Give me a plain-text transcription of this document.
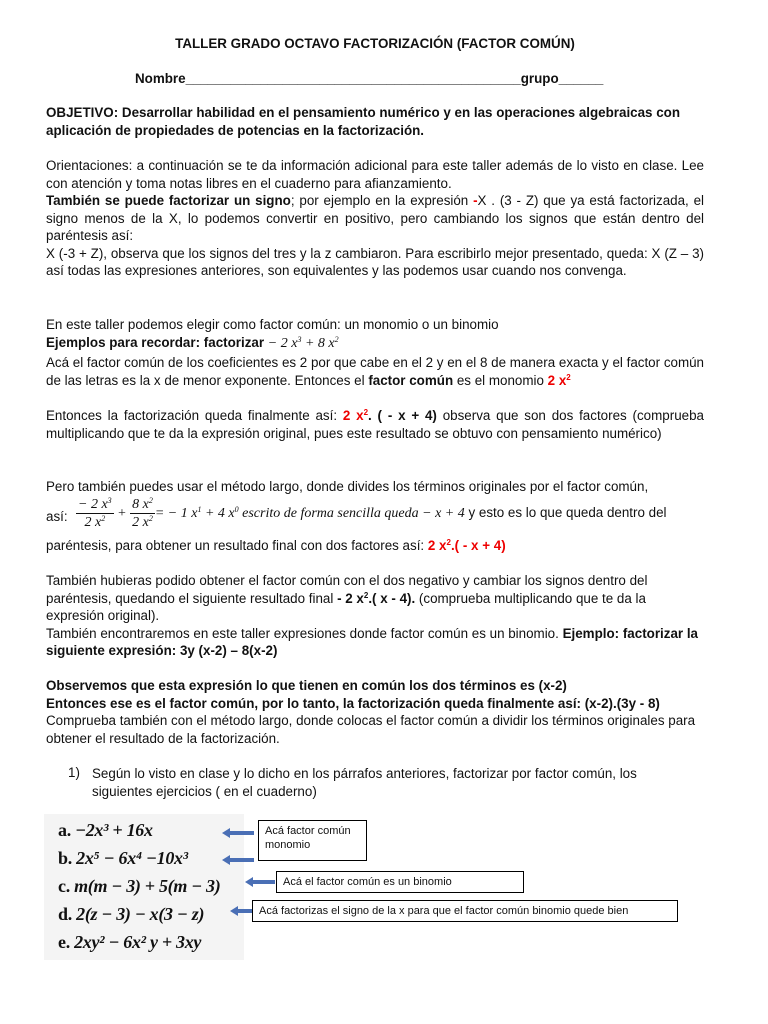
TALLER GRADO OCTAVO FACTORIZACIÓN (FACTOR COMÚN)
Nombre_____________________________________________grupo______
OBJETIVO: Desarrollar habilidad en el pensamiento numérico y en las operaciones algebraicas con aplicación de propiedades de potencias en la factorización.
Orientaciones: a continuación se te da información adicional para este taller además de lo visto en clase. Lee con atención y toma notas libres en el cuaderno para afianzamiento.
También se puede factorizar un signo; por ejemplo en la expresión -X . (3 - Z) que ya está factorizada, el signo menos de la X, lo podemos convertir en positivo, pero cambiando los signos que están dentro del paréntesis así:
X (-3 + Z), observa que los signos del tres y la z cambiaron. Para escribirlo mejor presentado, queda: X (Z – 3) así todas las expresiones anteriores, son equivalentes y las podemos usar cuando nos convenga.
En este taller podemos elegir como factor común: un monomio o un binomio
Ejemplos para recordar: factorizar − 2 $x^3 + 8$ $x^2$
Acá el factor común de los coeficientes es 2 por que cabe en el 2 y en el 8 de manera exacta y el factor común de las letras es la x de menor exponente. Entonces el factor común es el monomio 2 $x^2$
Entonces la factorización queda finalmente así: 2 $x^2$. ( - x + 4) observa que son dos factores (comprueba multiplicando que te da la expresión original, pues este resultado se obtuvo con pensamiento numérico)
Pero también puedes usar el método largo, donde divides los términos originales por el factor común,
así: $\frac{- 2 x^3}{2 x^2} + \frac{8 x^2}{2 x^2}$ = − 1 $x^1 + 4$ $x^0$ escrito de forma sencilla queda − x + 4 y esto es lo que queda dentro del
paréntesis, para obtener un resultado final con dos factores así: 2 $x^2.( - x + 4)$
También hubieras podido obtener el factor común con el dos negativo y cambiar los signos dentro del paréntesis, quedando el siguiente resultado final - 2 $x^2$.( x - 4). (comprueba multiplicando que te da la expresión original).
También encontraremos en este taller expresiones donde factor común es un binomio. Ejemplo: factorizar la siguiente expresión: 3y (x-2) – 8(x-2)
Observemos que esta expresión lo que tienen en común los dos términos es (x-2)
Entonces ese es el factor común, por lo tanto, la factorización queda finalmente así: (x-2).(3y - 8)
Comprueba también con el método largo, donde colocas el factor común a dividir los términos originales para obtener el resultado de la factorización.
1) Según lo visto en clase y lo dicho en los párrafos anteriores, factorizar por factor común, los siguientes ejercicios ( en el cuaderno)
a. −2x³ + 16x
b. 2x⁵ − 6x⁴ −10x³
c. m(m − 3) + 5(m − 3)
d. 2(z − 3) − x(3 − z)
e. 2xy² − 6x² y + 3xy
Acá factor común monomio
Acá el factor común es un binomio
Acá factorizas el signo de la x para que el factor común binomio quede bien
